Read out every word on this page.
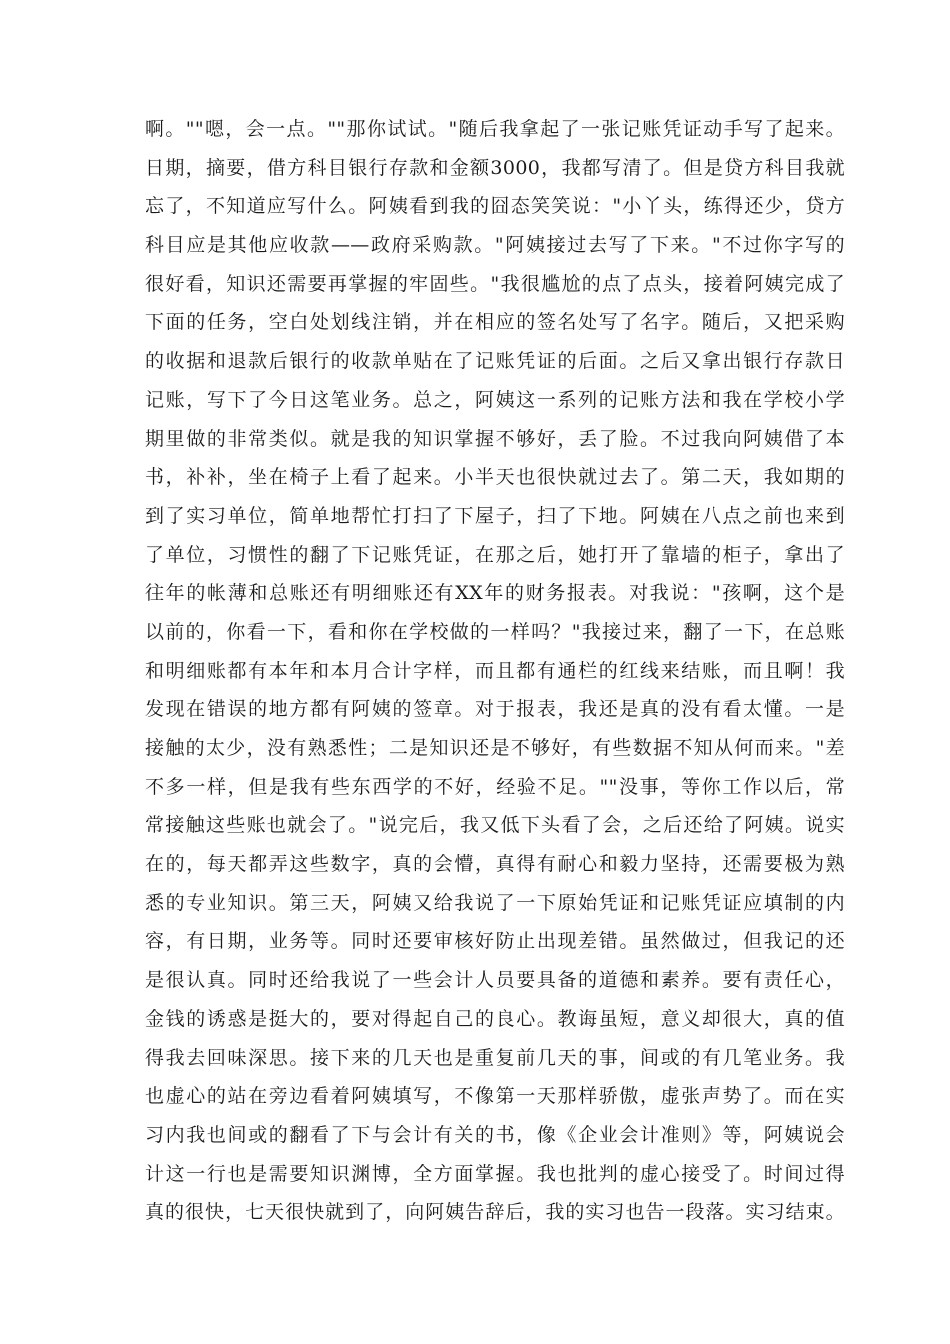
啊。""嗯，会一点。""那你试试。"随后我拿起了一张记账凭证动手写了起来。
日期，摘要，借方科目银行存款和金额3000，我都写清了。但是贷方科目我就
忘了，不知道应写什么。阿姨看到我的囧态笑笑说："小丫头，练得还少，贷方
科目应是其他应收款——政府采购款。"阿姨接过去写了下来。"不过你字写的
很好看，知识还需要再掌握的牢固些。"我很尴尬的点了点头，接着阿姨完成了
下面的任务，空白处划线注销，并在相应的签名处写了名字。随后，又把采购
的收据和退款后银行的收款单贴在了记账凭证的后面。之后又拿出银行存款日
记账，写下了今日这笔业务。总之，阿姨这一系列的记账方法和我在学校小学
期里做的非常类似。就是我的知识掌握不够好，丢了脸。不过我向阿姨借了本
书，补补，坐在椅子上看了起来。小半天也很快就过去了。第二天，我如期的
到了实习单位，简单地帮忙打扫了下屋子，扫了下地。阿姨在八点之前也来到
了单位，习惯性的翻了下记账凭证，在那之后，她打开了靠墙的柜子，拿出了
往年的帐薄和总账还有明细账还有XX年的财务报表。对我说："孩啊，这个是
以前的，你看一下，看和你在学校做的一样吗？"我接过来，翻了一下，在总账
和明细账都有本年和本月合计字样，而且都有通栏的红线来结账，而且啊！我
发现在错误的地方都有阿姨的签章。对于报表，我还是真的没有看太懂。一是
接触的太少，没有熟悉性；二是知识还是不够好，有些数据不知从何而来。"差
不多一样，但是我有些东西学的不好，经验不足。""没事，等你工作以后，常
常接触这些账也就会了。"说完后，我又低下头看了会，之后还给了阿姨。说实
在的，每天都弄这些数字，真的会懵，真得有耐心和毅力坚持，还需要极为熟
悉的专业知识。第三天，阿姨又给我说了一下原始凭证和记账凭证应填制的内
容，有日期，业务等。同时还要审核好防止出现差错。虽然做过，但我记的还
是很认真。同时还给我说了一些会计人员要具备的道德和素养。要有责任心，
金钱的诱惑是挺大的，要对得起自己的良心。教诲虽短，意义却很大，真的值
得我去回味深思。接下来的几天也是重复前几天的事，间或的有几笔业务。我
也虚心的站在旁边看着阿姨填写，不像第一天那样骄傲，虚张声势了。而在实
习内我也间或的翻看了下与会计有关的书，像《企业会计准则》等，阿姨说会
计这一行也是需要知识渊博，全方面掌握。我也批判的虚心接受了。时间过得
真的很快，七天很快就到了，向阿姨告辞后，我的实习也告一段落。实习结束。
